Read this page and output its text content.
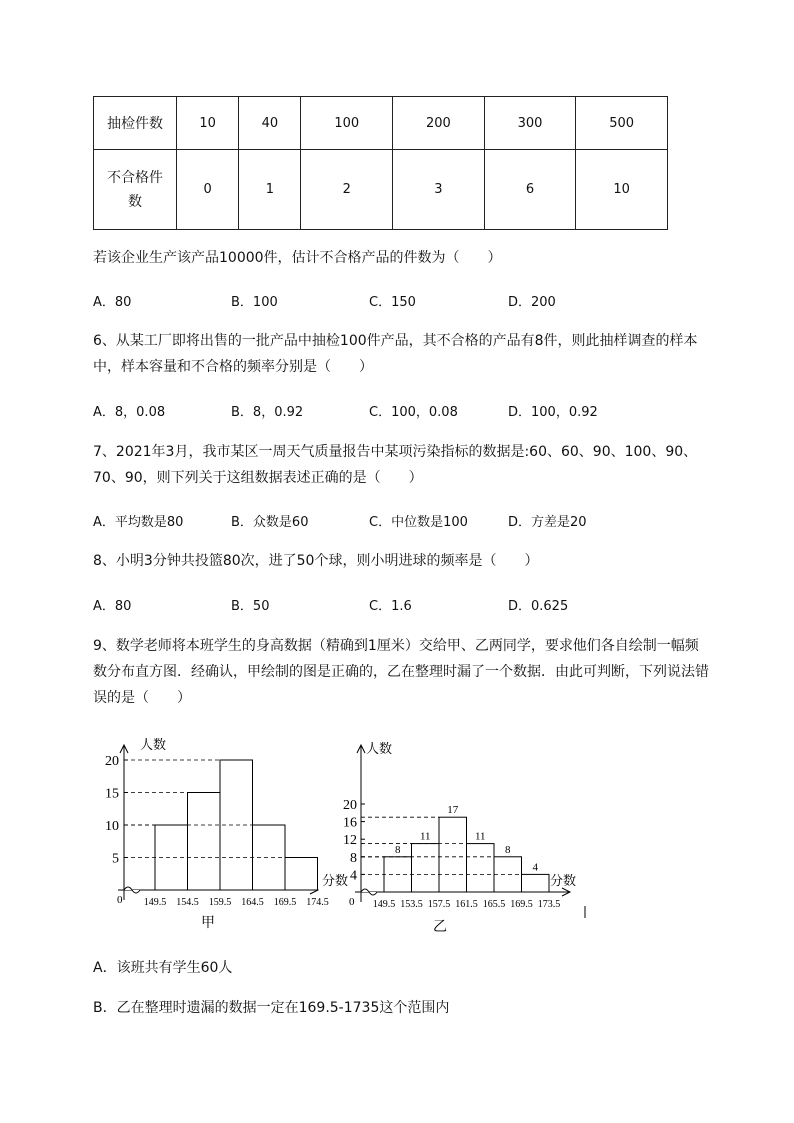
抽检件数	10	40	100	200	300	500
不合格件
数	0	1	2	3	6	10
若该企业生产该产品10000件，估计不合格产品的件数为（　　）
A．80	B．100	C．150	D．200
6、从某工厂即将出售的一批产品中抽检100件产品，其不合格的产品有8件，则此抽样调查的样本
中，样本容量和不合格的频率分别是（　　）
A．8，0.08	B．8，0.92	C．100，0.08	D．100，0.92
7、2021年3月，我市某区一周天气质量报告中某项污染指标的数据是:60、60、90、100、90、
70、90，则下列关于这组数据表述正确的是（　　）
A．平均数是80	B．众数是60	C．中位数是100	D．方差是20
8、小明3分钟共投篮80次，进了50个球，则小明进球的频率是（　　）
A．80	B．50	C．1.6	D．0.625
9、数学老师将本班学生的身高数据（精确到1厘米）交给甲、乙两同学，要求他们各自绘制一幅频
数分布直方图．经确认，甲绘制的图是正确的，乙在整理时漏了一个数据．由此可判断，下列说法错
误的是（　　）
人数
分数
0
甲
5
10
15
20
149.5 154.5 159.5 164.5 169.5 174.5
人数
分数
0
乙
4
8
12
16
20
8
11
17
11
8
4
149.5 153.5 157.5 161.5 165.5 169.5 173.5
A．该班共有学生60人
B．乙在整理时遗漏的数据一定在169.5-1735这个范围内
